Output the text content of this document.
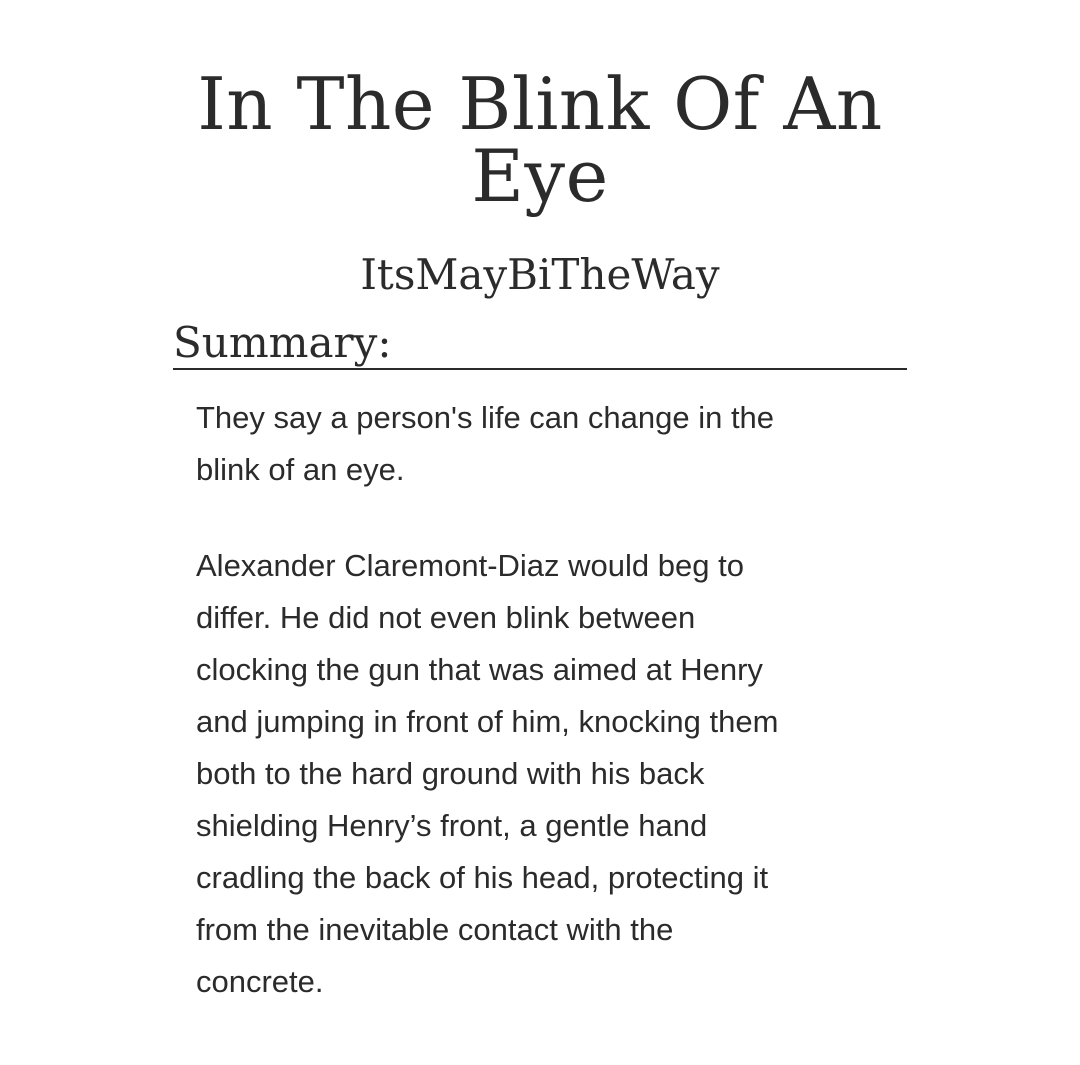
In The Blink Of An
Eye
ItsMayBiTheWay
Summary:

They say a person's life can change in the
blink of an eye.

Alexander Claremont-Diaz would beg to
differ. He did not even blink between
clocking the gun that was aimed at Henry
and jumping in front of him, knocking them
both to the hard ground with his back
shielding Henry’s front, a gentle hand
cradling the back of his head, protecting it
from the inevitable contact with the
concrete.
